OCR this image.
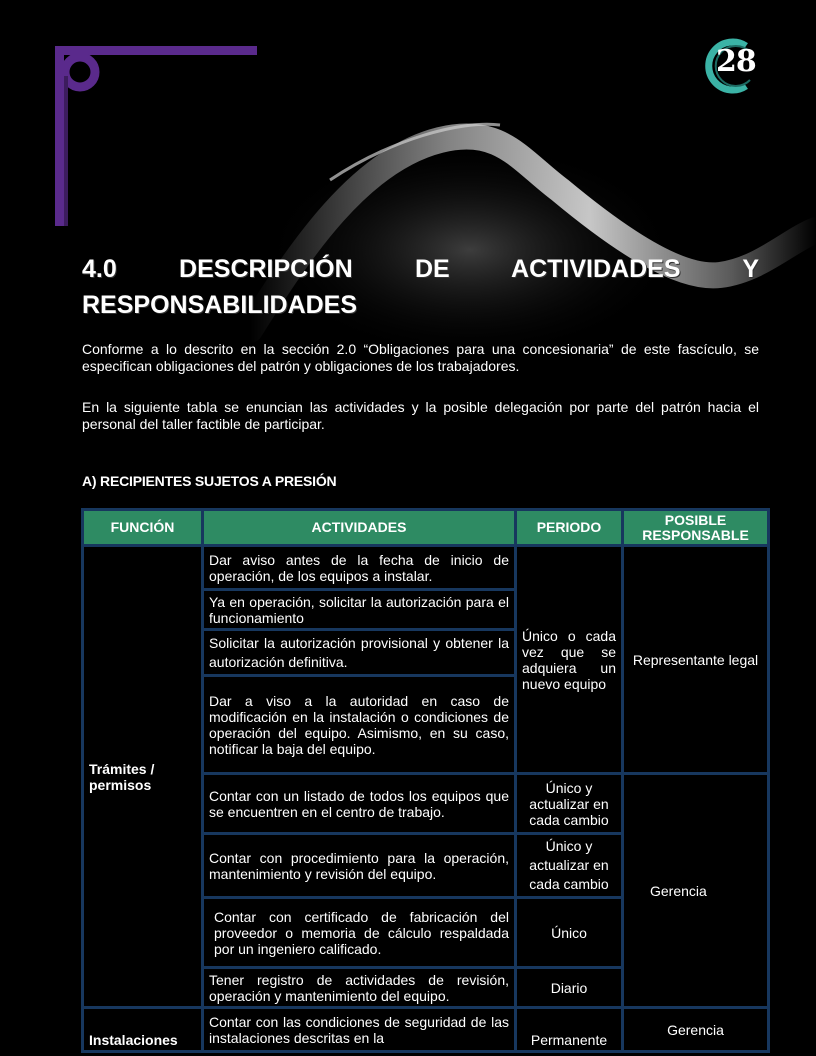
28
4.0 DESCRIPCIÓN DE ACTIVIDADES Y RESPONSABILIDADES

Conforme a lo descrito en la sección 2.0 “Obligaciones para una concesionaria” de este fascículo, se especifican obligaciones del patrón y obligaciones de los trabajadores.

En la siguiente tabla se enuncian las actividades y la posible delegación por parte del patrón hacia el personal del taller factible de participar.

A) RECIPIENTES SUJETOS A PRESIÓN

FUNCIÓN	ACTIVIDADES	PERIODO	POSIBLE RESPONSABLE
Trámites / permisos	Dar aviso antes de la fecha de inicio de operación, de los equipos a instalar.	Único o cada vez que se adquiera un nuevo equipo	Representante legal
	Ya en operación, solicitar la autorización para el funcionamiento		
	Solicitar la autorización provisional y obtener la autorización definitiva.		
	Dar a viso a la autoridad en caso de modificación en la instalación o condiciones de operación del equipo. Asimismo, en su caso, notificar la baja del equipo.		
	Contar con un listado de todos los equipos que se encuentren en el centro de trabajo.	Único y actualizar en cada cambio	Gerencia
	Contar con procedimiento para la operación, mantenimiento y revisión del equipo.	Único y actualizar en cada cambio	
	Contar con certificado de fabricación del proveedor o memoria de cálculo respaldada por un ingeniero calificado.	Único	
	Tener registro de actividades de revisión, operación y mantenimiento del equipo.	Diario	
Instalaciones	Contar con las condiciones de seguridad de las instalaciones descritas en la	Permanente	Gerencia
